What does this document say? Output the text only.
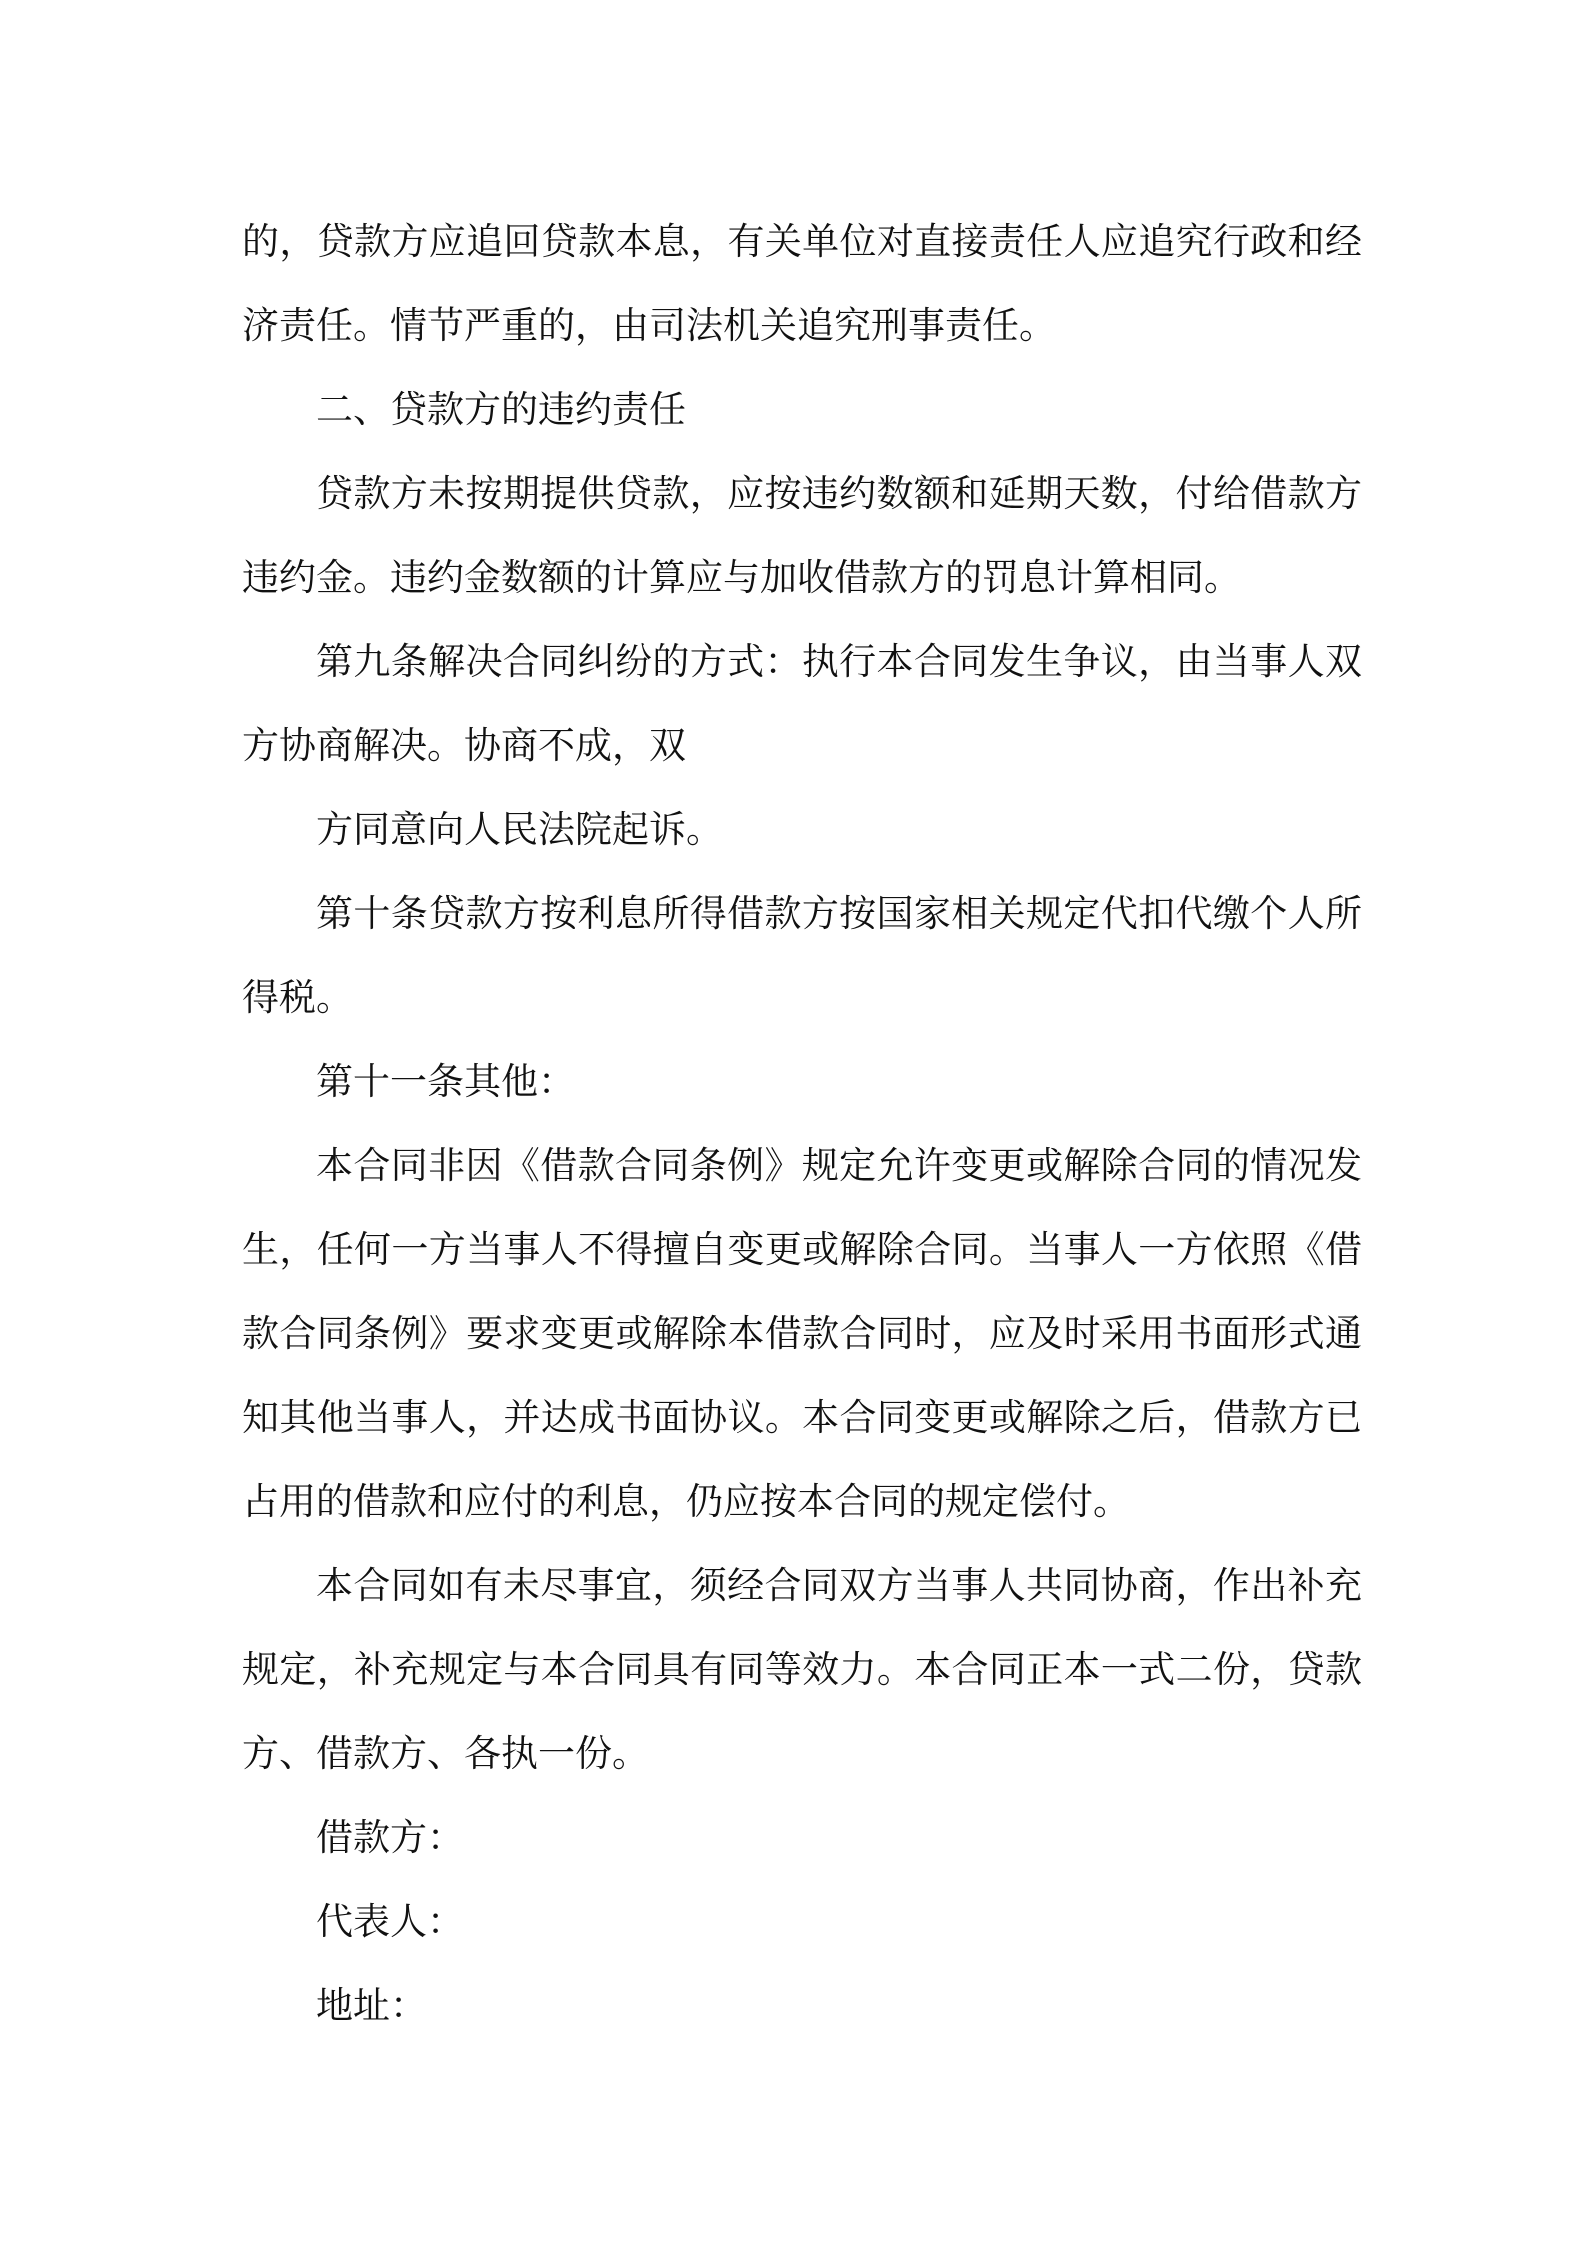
的，贷款方应追回贷款本息，有关单位对直接责任人应追究行政和经济责任。情节严重的，由司法机关追究刑事责任。

二、贷款方的违约责任

贷款方未按期提供贷款，应按违约数额和延期天数，付给借款方违约金。违约金数额的计算应与加收借款方的罚息计算相同。

第九条解决合同纠纷的方式：执行本合同发生争议，由当事人双方协商解决。协商不成，双

方同意向人民法院起诉。

第十条贷款方按利息所得借款方按国家相关规定代扣代缴个人所得税。

第十一条其他：

本合同非因《借款合同条例》规定允许变更或解除合同的情况发生，任何一方当事人不得擅自变更或解除合同。当事人一方依照《借款合同条例》要求变更或解除本借款合同时，应及时采用书面形式通知其他当事人，并达成书面协议。本合同变更或解除之后，借款方已占用的借款和应付的利息，仍应按本合同的规定偿付。

本合同如有未尽事宜，须经合同双方当事人共同协商，作出补充规定，补充规定与本合同具有同等效力。本合同正本一式二份，贷款方、借款方、各执一份。

借款方：

代表人：

地址：
